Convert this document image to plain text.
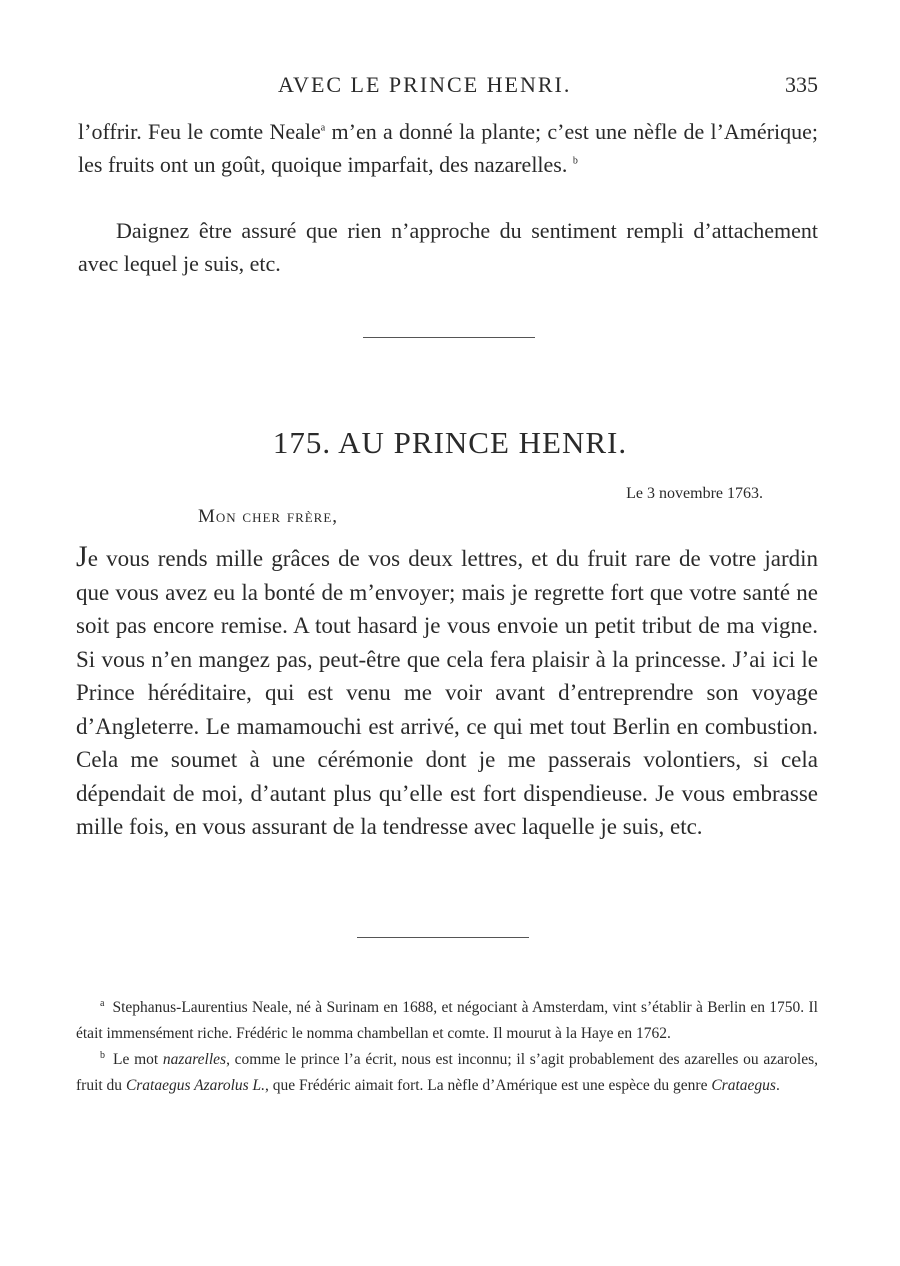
AVEC LE PRINCE HENRI.	335

l’offrir. Feu le comte Neale$^a$ m’en a donné la plante; c’est une nèfle de l’Amérique; les fruits ont un goût, quoique imparfait, des nazarelles. $^b$

Daignez être assuré que rien n’approche du sentiment rempli d’attachement avec lequel je suis, etc.

175. AU PRINCE HENRI.
Le 3 novembre 1763.
Mon cher frère,

Je vous rends mille grâces de vos deux lettres, et du fruit rare de votre jardin que vous avez eu la bonté de m’envoyer; mais je regrette fort que votre santé ne soit pas encore remise. A tout hasard je vous envoie un petit tribut de ma vigne. Si vous n’en mangez pas, peut-être que cela fera plaisir à la princesse. J’ai ici le Prince héréditaire, qui est venu me voir avant d’entreprendre son voyage d’Angleterre. Le mamamouchi est arrivé, ce qui met tout Berlin en combustion. Cela me soumet à une cérémonie dont je me passerais volontiers, si cela dépendait de moi, d’autant plus qu’elle est fort dispendieuse. Je vous embrasse mille fois, en vous assurant de la tendresse avec laquelle je suis, etc.

$^a$ Stephanus-Laurentius Neale, né à Surinam en 1688, et négociant à Amsterdam, vint s’établir à Berlin en 1750. Il était immensément riche. Frédéric le nomma chambellan et comte. Il mourut à la Haye en 1762.

$^b$ Le mot nazarelles, comme le prince l’a écrit, nous est inconnu; il s’agit probablement des azarelles ou azaroles, fruit du Crataegus Azarolus L., que Frédéric aimait fort. La nèfle d’Amérique est une espèce du genre Crataegus.
